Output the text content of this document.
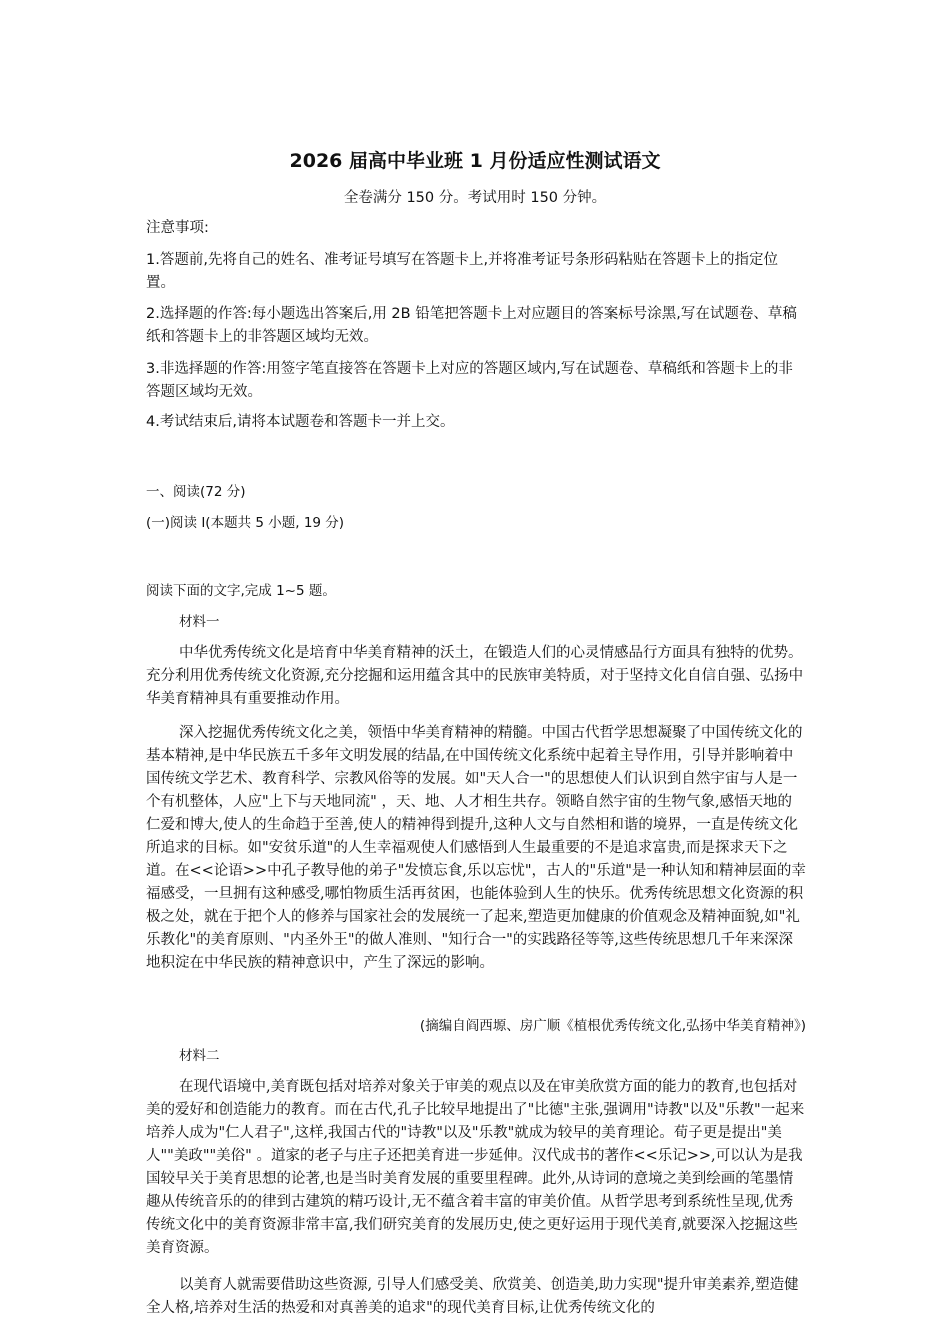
2026 届高中毕业班 1 月份适应性测试语文
全卷满分 150 分。考试用时 150 分钟。
注意事项:
1.答题前,先将自己的姓名、准考证号填写在答题卡上,并将准考证号条形码粘贴在答题卡上的指定位置。
2.选择题的作答:每小题选出答案后,用 2B 铅笔把答题卡上对应题目的答案标号涂黑,写在试题卷、草稿纸和答题卡上的非答题区域均无效。
3.非选择题的作答:用签字笔直接答在答题卡上对应的答题区域内,写在试题卷、草稿纸和答题卡上的非答题区域均无效。
4.考试结束后,请将本试题卷和答题卡一并上交。
一、阅读(72 分)
(一)阅读 I(本题共 5 小题, 19 分)
阅读下面的文字,完成 1~5 题。
材料一

中华优秀传统文化是培育中华美育精神的沃土，在锻造人们的心灵情感品行方面具有独特的优势。充分利用优秀传统文化资源,充分挖掘和运用蕴含其中的民族审美特质，对于坚持文化自信自强、弘扬中华美育精神具有重要推动作用。

深入挖掘优秀传统文化之美，领悟中华美育精神的精髓。中国古代哲学思想凝聚了中国传统文化的基本精神,是中华民族五千多年文明发展的结晶,在中国传统文化系统中起着主导作用，引导并影响着中国传统文学艺术、教育科学、宗教风俗等的发展。如"天人合一"的思想使人们认识到自然宇宙与人是一个有机整体，人应"上下与天地同流" ，天、地、人才相生共存。领略自然宇宙的生物气象,感悟天地的仁爱和博大,使人的生命趋于至善,使人的精神得到提升,这种人文与自然相和谐的境界，一直是传统文化所追求的目标。如"安贫乐道"的人生幸福观使人们感悟到人生最重要的不是追求富贵,而是探求天下之道。在<<论语>>中孔子教导他的弟子"发愤忘食,乐以忘忧"，古人的"乐道"是一种认知和精神层面的幸福感受，一旦拥有这种感受,哪怕物质生活再贫困，也能体验到人生的快乐。优秀传统思想文化资源的积极之处，就在于把个人的修养与国家社会的发展统一了起来,塑造更加健康的价值观念及精神面貌,如"礼乐教化"的美育原则、"内圣外王"的做人准则、"知行合一"的实践路径等等,这些传统思想几千年来深深地积淀在中华民族的精神意识中，产生了深远的影响。

(摘编自阎西塬、房广顺《植根优秀传统文化,弘扬中华美育精神》)
材料二

在现代语境中,美育既包括对培养对象关于审美的观点以及在审美欣赏方面的能力的教育,也包括对美的爱好和创造能力的教育。而在古代,孔子比较早地提出了"比德"主张,强调用"诗教"以及"乐教"一起来培养人成为"仁人君子",这样,我国古代的"诗教"以及"乐教"就成为较早的美育理论。荀子更是提出"美人""美政""美俗" 。道家的老子与庄子还把美育进一步延伸。汉代成书的著作<<乐记>>,可以认为是我国较早关于美育思想的论著,也是当时美育发展的重要里程碑。此外,从诗词的意境之美到绘画的笔墨情趣从传统音乐的的律到古建筑的精巧设计,无不蕴含着丰富的审美价值。从哲学思考到系统性呈现,优秀传统文化中的美育资源非常丰富,我们研究美育的发展历史,使之更好运用于现代美育,就要深入挖掘这些美育资源。

以美育人就需要借助这些资源, 引导人们感受美、欣赏美、创造美,助力实现"提升审美素养,塑造健全人格,培养对生活的热爱和对真善美的追求"的现代美育目标,让优秀传统文化的
